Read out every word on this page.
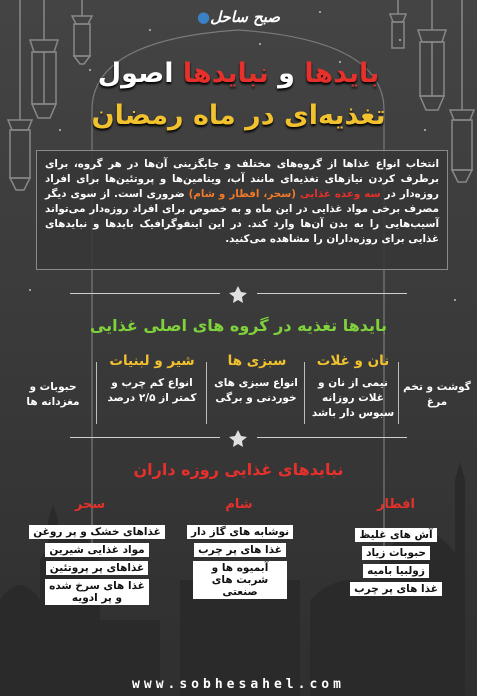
صبح ساحل●
بایدها و نبایدها اصول
تغذیه‌ای در ماه رمضان
انتخاب انواع غذاها از گروه‌های مختلف و جایگزینی آن‌ها در هر گروه، برای برطرف کردن نیازهای تغذیه‌ای مانند آب، ویتامین‌ها و پروتئین‌ها برای افراد روزه‌دار در سه وعده غذایی (سحر، افطار و شام) ضروری است. از سوی دیگر مصرف برخی مواد غذایی در این ماه و به خصوص برای افراد روزه‌دار می‌تواند آسیب‌هایی را به بدن آن‌ها وارد کند. در این اینفوگرافیک بایدها و نبایدهای غذایی برای روزه‌داران را مشاهده می‌کنید.
بایدها تغذیه در گروه های اصلی غذایی
گوشت و تخم مرغ
نان و غلات
نیمی از نان و غلات روزانه سبوس دار باشد
سبزی ها
انواع سبزی های خوردنی و برگی
شیر و لبنیات
انواع کم چرب و کمتر از ۲/۵ درصد
حبوبات و مغزدانه ها
نبایدهای غذایی روزه داران
افطار
آش های غلیظ
حبوبات زیاد
زولبیا بامیه
غذا های پر چرب
شام
نوشابه های گاز دار
غذا های پر چرب
آبمیوه ها و شربت های صنعتی
سحر
غذاهای خشک و پر روغن
مواد غذایی شیرین
غذاهای پر پروتئین
غذا های سرخ شده و پر ادویه
www.sobhesahel.com
